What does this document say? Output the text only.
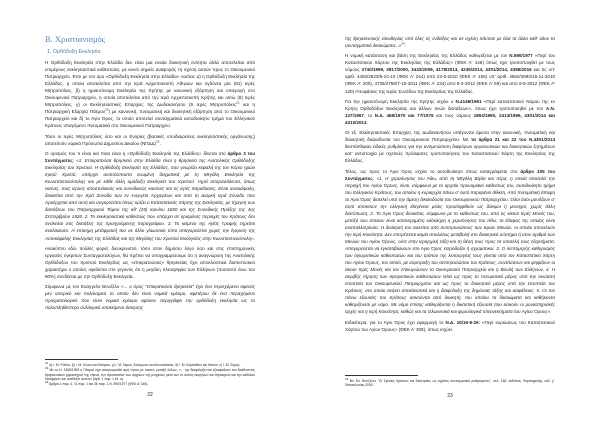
Β. Χριστιανισμός
1. Ορθόδοξη Εκκλησία

Η Ορθόδοξη Εκκλησία στην Ελλάδα δεν είναι μια ενιαία διοικητική ενότητα αλλά αποτελείται από επιμέρους εκκλησιαστικά καθεστώτα, με κοινό σημείο αναφοράς τη σχέση αυτών προς το Οικουμενικό Πατριαρχείο. Έτσι με τον όρο «Ορθόδοξη Εκκλησία στην Ελλάδα» νοείται: α) η Ορθόδοξη Εκκλησία της Ελλάδος, η οποία αποτελείται από την Ιερά Αρχιεπισκοπή Αθηνών και ογδόντα μία (81) Ιερές Μητροπόλεις, β) η ημιαυτόνομη Εκκλησία της Κρήτης με κανονική εξάρτηση και υπαγωγή στο Οικουμενικό Πατριαρχείο, η οποία αποτελείται από την Ιερά Αρχιεπισκοπή Κρήτης και οκτώ (8) Ιερές Μητροπόλεις, γ) οι Εκκλησιαστικές Επαρχίες της Δωδεκανήσου (5 Ιερές Μητροπόλεις$^{21}$ και η Πατριαρχική Εξαρχία Πάτμου$^{22}$) με κανονική, πνευματική και διοικητική εξάρτηση από το Οικουμενικό Πατριαρχείο και δ) το Άγιο Όρος, το οποίο αποτελεί συνταγματικά αυτοδιοίκητο τμήμα του Ελληνικού Κράτους υπαγόμενο πνευματικά στο Οικουμενικό Πατριαρχείο.

Τόσο οι Ιερές Μητροπόλεις όσο και οι Ενορίες (βασικές υποδιαιρέσεις εκκλησιαστικής οργάνωσης) αποτελούν νομικά Πρόσωπα Δημοσίου Δικαίου $(N\Pi\Delta\Delta)^{23}$.

Ο ορισμός του τι είναι και ποια είναι η «Ορθόδοξη Εκκλησία της Ελλάδος» δίνεται στο άρθρο 3 του Συντάγματος: «1. Επικρατούσα θρησκεία στην Ελλάδα είναι η θρησκεία της Ανατολικής Ορθόδοξης Εκκλησίας του Χριστού. Η Ορθόδοξη Εκκλησία της Ελλάδας, που γνωρίζει κεφαλή της τον Κύριο ημών Ιησού Χριστό, υπάρχει αναπόσπαστα ενωμένη δογματικά με τη Μεγάλη Εκκλησία της Κωνσταντινούπολης και με κάθε άλλη ομόδοξη Εκκλησία του Χριστού· τηρεί απαρασάλευτα, όπως εκείνες, τους ιερούς αποστολικούς και συνοδικούς κανόνες και τις ιερές παραδόσεις. Είναι αυτοκέφαλη, διοικείται από την Ιερά Σύνοδο των εν ενεργεία Αρχιερέων και από τη Διαρκή Ιερά Σύνοδο που προέρχεται από αυτή και συγκροτείται όπως ορίζει ο Καταστατικός Χάρτης της Εκκλησίας, με τήρηση των διατάξεων του Πατριαρχικού Τόμου της κθ' (29) Ιουνίου 1850 και της Συνοδικής Πράξης της 4ης Σεπτεμβρίου 1928. 2. Το εκκλησιαστικό καθεστώς που υπάρχει σε ορισμένες περιοχές του Κράτους δεν αντίκειται στις διατάξεις της προηγούμενης παραγράφου. 3. Το κείμενο της Αγίας Γραφής τηρείται αναλλοίωτο. Η επίσημη μετάφρασή του σε άλλο γλωσσικό τύπο απαγορεύεται χωρίς την έγκριση της Αυτοκέφαλης Εκκλησίας της Ελλάδας και της Μεγάλης του Χριστού Εκκλησίας στην Κωνσταντινούπολη».

Ανακύπτει εδώ πολλές φορές διευκρινιστεί, τόσο στον δημόσιο λόγο όσο και στις επιστημονικές εργασίες έγκριτων Συνταγματολόγων, θα πρέπει να υπογραμμίσουμε ότι η αναγνώριση της Ανατολικής Ορθόδοξου του Χριστού Εκκλησίας ως «επικρατούσας» θρησκείας έχει αποκλειστικά διαπιστωτικό χαρακτήρα ο οποίος οφείλεται στο γεγονός ότι η μεγάλη πλειοψηφία των Ελλήνων (ποσοστό άνω του 90%) συνδέεται με την Ορθόδοξη Εκκλησία.

Σύμφωνα με τον Ευάγγελο Βενιζέλο «... ο όρος "επικρατούσα θρησκεία" έχει ένα περιεχόμενο αφενός μεν ιστορικό και πολιτισμικό το οποίο δεν είναι νομικά κρίσιμο, αφετέρου δε ένα περιεχόμενο πραγματολογικό που είναι νομικά κρίσιμο εφόσον περιγράφει την ορθόδοξη εκκλησία ως το πολυπληθέστερο συλλογικό υποκείμενο άσκησης

$^{21}$ α) Ι. Μ. Ρόδου, β) Ι. Μ. Κώου και Νισύρου, γ) Ι. Μ. Λέρου, Καλύμνου και Αστυπαλαίας, δ) Ι. Μ. Καρπάθου και Κάσου, ε) Ι. Μ. Σύμης.
$^{22}$ Με το Ν. 3155/1953 η Πάτμος έχει αναγνωρισθεί ιερή νήσος με σκοπό, μεταξύ άλλων, «... την διαφύλαξιν και εξασφάλισιν του διαθέτοντος θρησκευτικού χαρακτήρος της νήσου, την προστασίαν των αρχαίων της μνημείων μετά των εν αυτοίς κειμηλίων και θησαυρών και την καθόλου διατήρησιν και ανάδειξιν αυτών» (άρθ. 1 παρ. 1 εδ. α).
$^{23}$ Άρθρα 1 παρ. 4, 11 παρ. 1 και 36 παρ. 1 Ν. 590/1977 (ΦΕΚ Α' 146).
22

της θρησκευτικής ελευθερίας υπό όλες τις ενδείξεις και σε σχέση πάντοτε με όλα τα άλλα καθ' όλον τα συνταγματικά δικαιώματα...»$^{24}$.

Η νομική κατάσταση και βάση της Εκκλησίας της Ελλάδος καθορίζεται με τον Ν.590/1977 «Περί του Καταστατικού Χάρτου της Εκκλησίας της Ελλάδος» (ΦΕΚ Α' 146) όπως έχει τροποποιηθεί με τους νόμους 2740/1999, 2817/2000, 3432/2006, 4178/2013, 4235/2014, 4301/2014, 4386/2016 και τις υπ' αριθ. 4482/2823/8-10-10 (ΦΕΚ Α' 244) από 23-6-2010 (ΦΕΚ Α' 156) υπ' αριθ. 4562/2593/16-11-2010 (ΦΕΚ Α' 200), 4736/2758/7-10-2011 (ΦΕΚ Α' 234) από 8-3-2012 (ΦΕΚ Α' 69) και από 8-5-2012 (ΦΕΚ Α' 120) Αποφάσεις της Ιεράς Συνόδου της Εκκλησίας της Ελλάδος.

Για την ημιαυτόνομη Εκκλησία της Κρήτης ισχύει ο Ν.4149/1961 «Περί καταστατικού Νόμου της εν Κρήτη Ορθοδόξου Εκκλησίας και άλλων τινών διατάξεων», όπως έχει τροποποιηθεί με τον Α.Ν. 137/1967, το Ν.Δ. 468/1970 και 77/1976 και τους νόμους 1894/1990, 2413/1996, 4301/2014 και 4310/2014.

Οι εξ. Εκκλησιαστικές Επαρχίες της Δωδεκανήσου υπάγονται άμεσα στην κανονική, πνευματική και διοικητική δικαιοδοσία του Οικουμενικού Πατριαρχείου. Με τα άρθρα 21 και 22 του Ν.4301/2014 θεσπίσθηκαν ειδικές ρυθμίσεις για την αντιμετώπιση διαφόρων οργανωτικών και διοικητικών ζητημάτων κατ' αντιστοιχία με σχετικές πρόσφατες τροποποιήσεις του Καταστατικού Χάρτη της Εκκλησίας της Ελλάδος.

Τέλος, ως προς το Άγιο Όρος ισχύει το αυτοδιοίκητο όπως καταγράφεται στο άρθρο 105 του Συντάγματος: «1. Η χερσόνησος του Άθω, από τη Μεγάλη Βίγλα και πέρα, η οποία αποτελεί την περιοχή του Αγίου Όρους, είναι, σύμφωνα με το αρχαίο προνομιακό καθεστώς του, αυτοδιοίκητο τμήμα του Ελληνικού Κράτους, του οποίου η κυριαρχία πάνω σ' αυτό παραμένει άθικτη. Από πνευματική άποψη το Άγιο Όρος διατελεί υπό την άμεση δικαιοδοσία του Οικουμενικού Πατριαρχείου. Όλοι όσοι μονάζουν σ' αυτό αποκτούν την ελληνική ιθαγένεια μόλις προσληφθούν ως δόκιμοι ή μοναχοί, χωρίς άλλη διατύπωση. 2. Το Άγιο Όρος διοικείται, σύμφωνα με το καθεστώς του, από τις είκοσι Ιερές Μονές του, μεταξύ των οποίων είναι κατανεμημένη ολόκληρη η χερσόνησος του Άθω, το έδαφος της οποίας είναι αναπαλλοτρίωτο. Η διοίκησή του ασκείται από αντιπροσώπους των Ιερών Μονών, οι οποίοι αποτελούν την Ιερή Κοινότητα. Δεν επιτρέπεται καμία απολύτως μεταβολή στο διοικητικό σύστημα ή στον αριθμό των Μονών του Αγίου Όρους, ούτε στην ιεραρχική τάξη και τη θέση τους προς τα υποτελή τους εξαρτήματα. Απαγορεύεται να εγκαταβιώνουν στο Άγιο Όρος ετερόδοξοι ή σχισματικοί. 3. Ο λεπτομερής καθορισμός των αγιορειτικών καθεστώτων και του τρόπου της λειτουργίας τους γίνεται από τον Καταστατικό Χάρτη του Αγίου Όρους, τον οποίο, με σύμπραξη του αντιπροσώπου του Κράτους, συντάσσουν και ψηφίζουν οι είκοσι Ιερές Μονές και τον επικυρώνουν το Οικουμενικό Πατριαρχείο και η Βουλή των Ελλήνων. 4. Η ακριβής τήρηση των αγιορειτικών καθεστώτων τελεί ως προς το πνευματικό μέρος υπό την ανώτατη εποπτεία του Οικουμενικού Πατριαρχείου και ως προς το διοικητικό μέρος υπό την εποπτεία του Κράτους, στο οποίο ανήκει αποκλειστικά και η διαφύλαξη της δημόσιας τάξης και ασφάλειας. 5. Οι πιο πάνω εξουσίες του Κράτους ασκούνται από διοικητή, του οποίου τα δικαιώματα και καθήκοντα καθορίζονται με νόμο. Με νόμο επίσης καθορίζονται η δικαστική εξουσία που ασκούν οι μοναστηριακές αρχές και η Ιερή Κοινότητα, καθώς και τα τελωνειακά και φορολογικά πλεονεκτήματα του Αγίου Όρους».

Ειδικότερα, για το Άγιο Όρος έχει εφαρμογή το Ν.Δ. 10/16-9-26: «Περί κυρώσεως του Καταστατικού Χάρτου του Αγίου Όρους» (ΦΕΚ Α' 309), όπως ισχύει.

$^{24}$ Βλ. Ευ. Βενιζέλος "Οι Σχέσεις Κράτους και Εκκλησίας ως σχέσεις συνταγματικά ρυθμισμένες", σελ. 148, εκδόσεις Παρατηρητής, εκδ. γ', Θεσσαλονίκη 2000.
23
